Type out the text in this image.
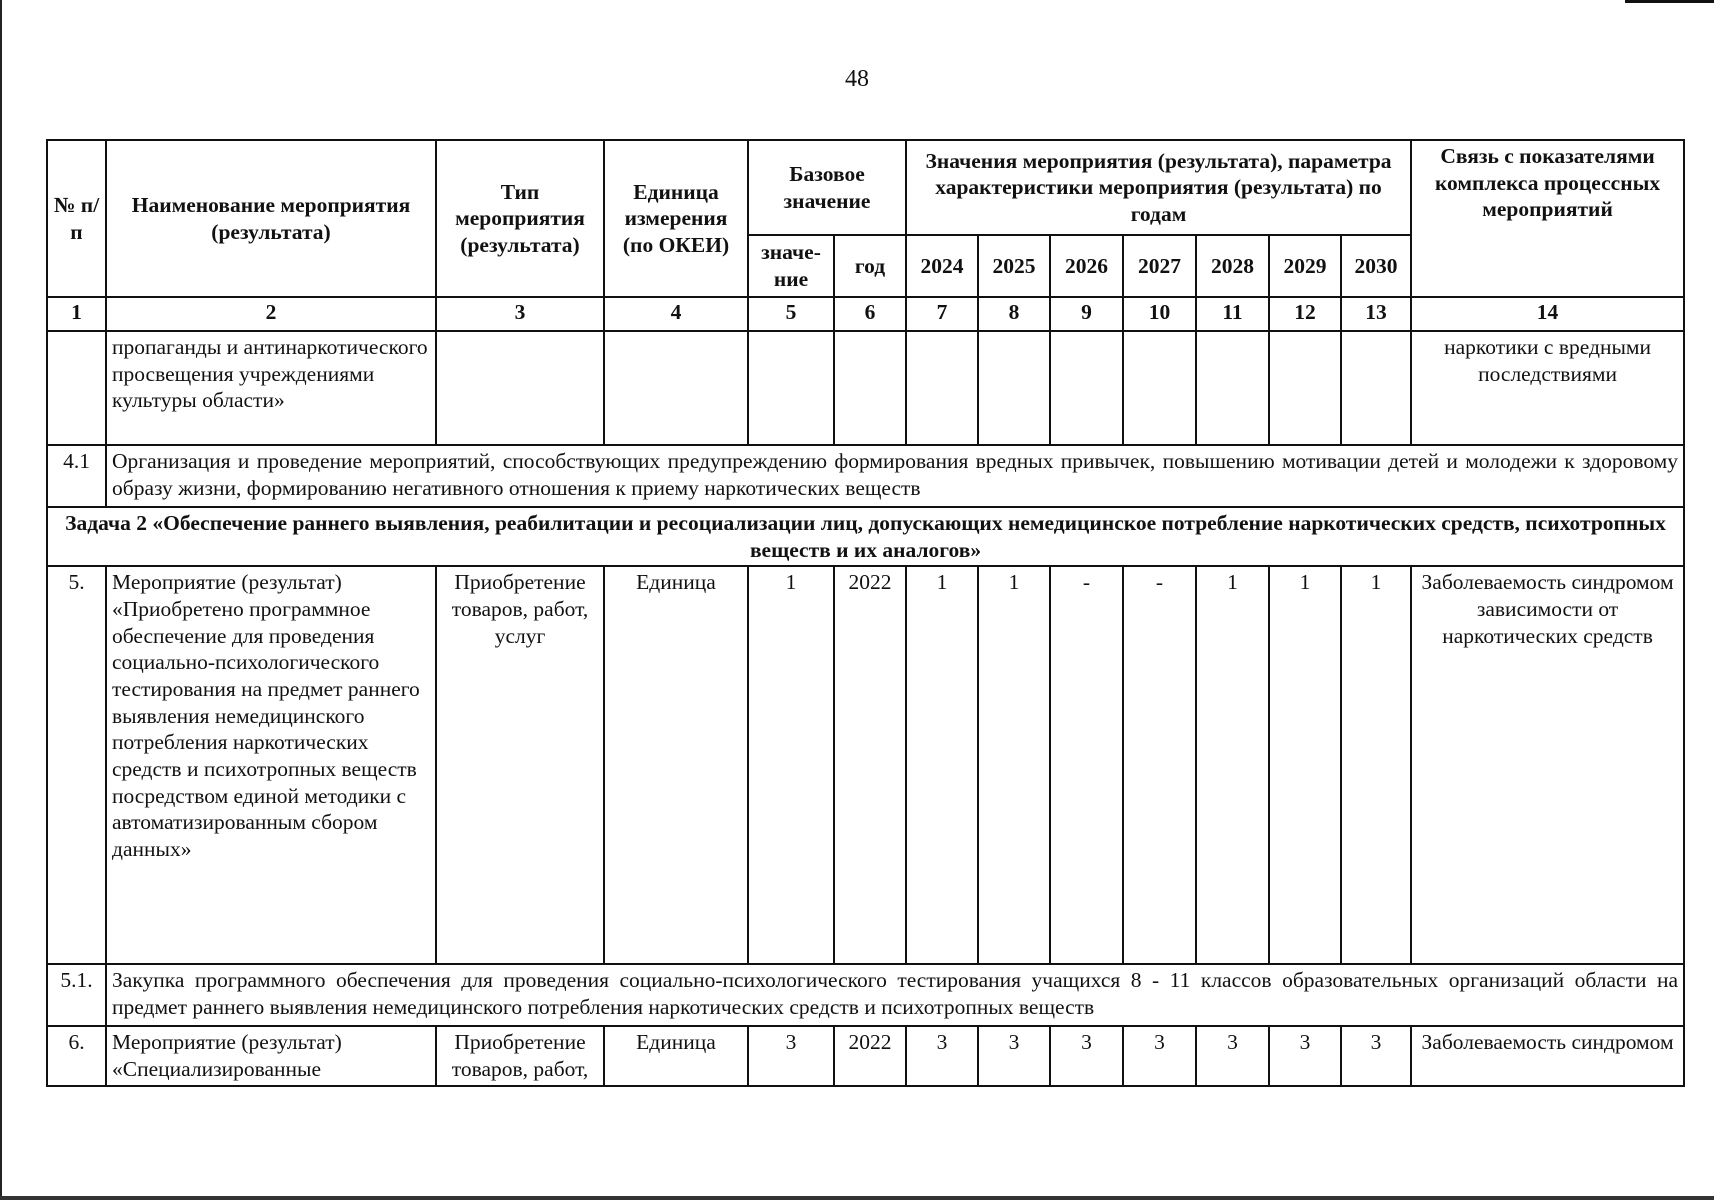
48
№ п/п	Наименование мероприятия (результата)	Тип мероприятия (результата)	Единица измерения (по ОКЕИ)	Базовое значение		Значения мероприятия (результата), параметра характеристики мероприятия (результата) по годам							Связь с показателями комплекса процессных мероприятий
				значе-ние	год	2024	2025	2026	2027	2028	2029	2030	
1	2	3	4	5	6	7	8	9	10	11	12	13	14
	пропаганды и антинаркотического просвещения учреждениями культуры области»												наркотики с вредными последствиями
4.1	Организация и проведение мероприятий, способствующих предупреждению формирования вредных привычек, повышению мотивации детей и молодежи к здоровому образу жизни, формированию негативного отношения к приему наркотических веществ												
Задача 2 «Обеспечение раннего выявления, реабилитации и ресоциализации лиц, допускающих немедицинское потребление наркотических средств, психотропных веществ и их аналогов»													
5.	Мероприятие (результат) «Приобретено программное обеспечение для проведения социально-психологического тестирования на предмет раннего выявления немедицинского потребления наркотических средств и психотропных веществ посредством единой методики с автоматизированным сбором данных»	Приобретение товаров, работ, услуг	Единица	1	2022	1	1	-	-	1	1	1	Заболеваемость синдромом зависимости от наркотических средств
5.1.	Закупка программного обеспечения для проведения социально-психологического тестирования учащихся 8 - 11 классов образовательных организаций области на предмет раннего выявления немедицинского потребления наркотических средств и психотропных веществ												
6.	Мероприятие (результат) «Специализированные	Приобретение товаров, работ,	Единица	3	2022	3	3	3	3	3	3	3	Заболеваемость синдромом
